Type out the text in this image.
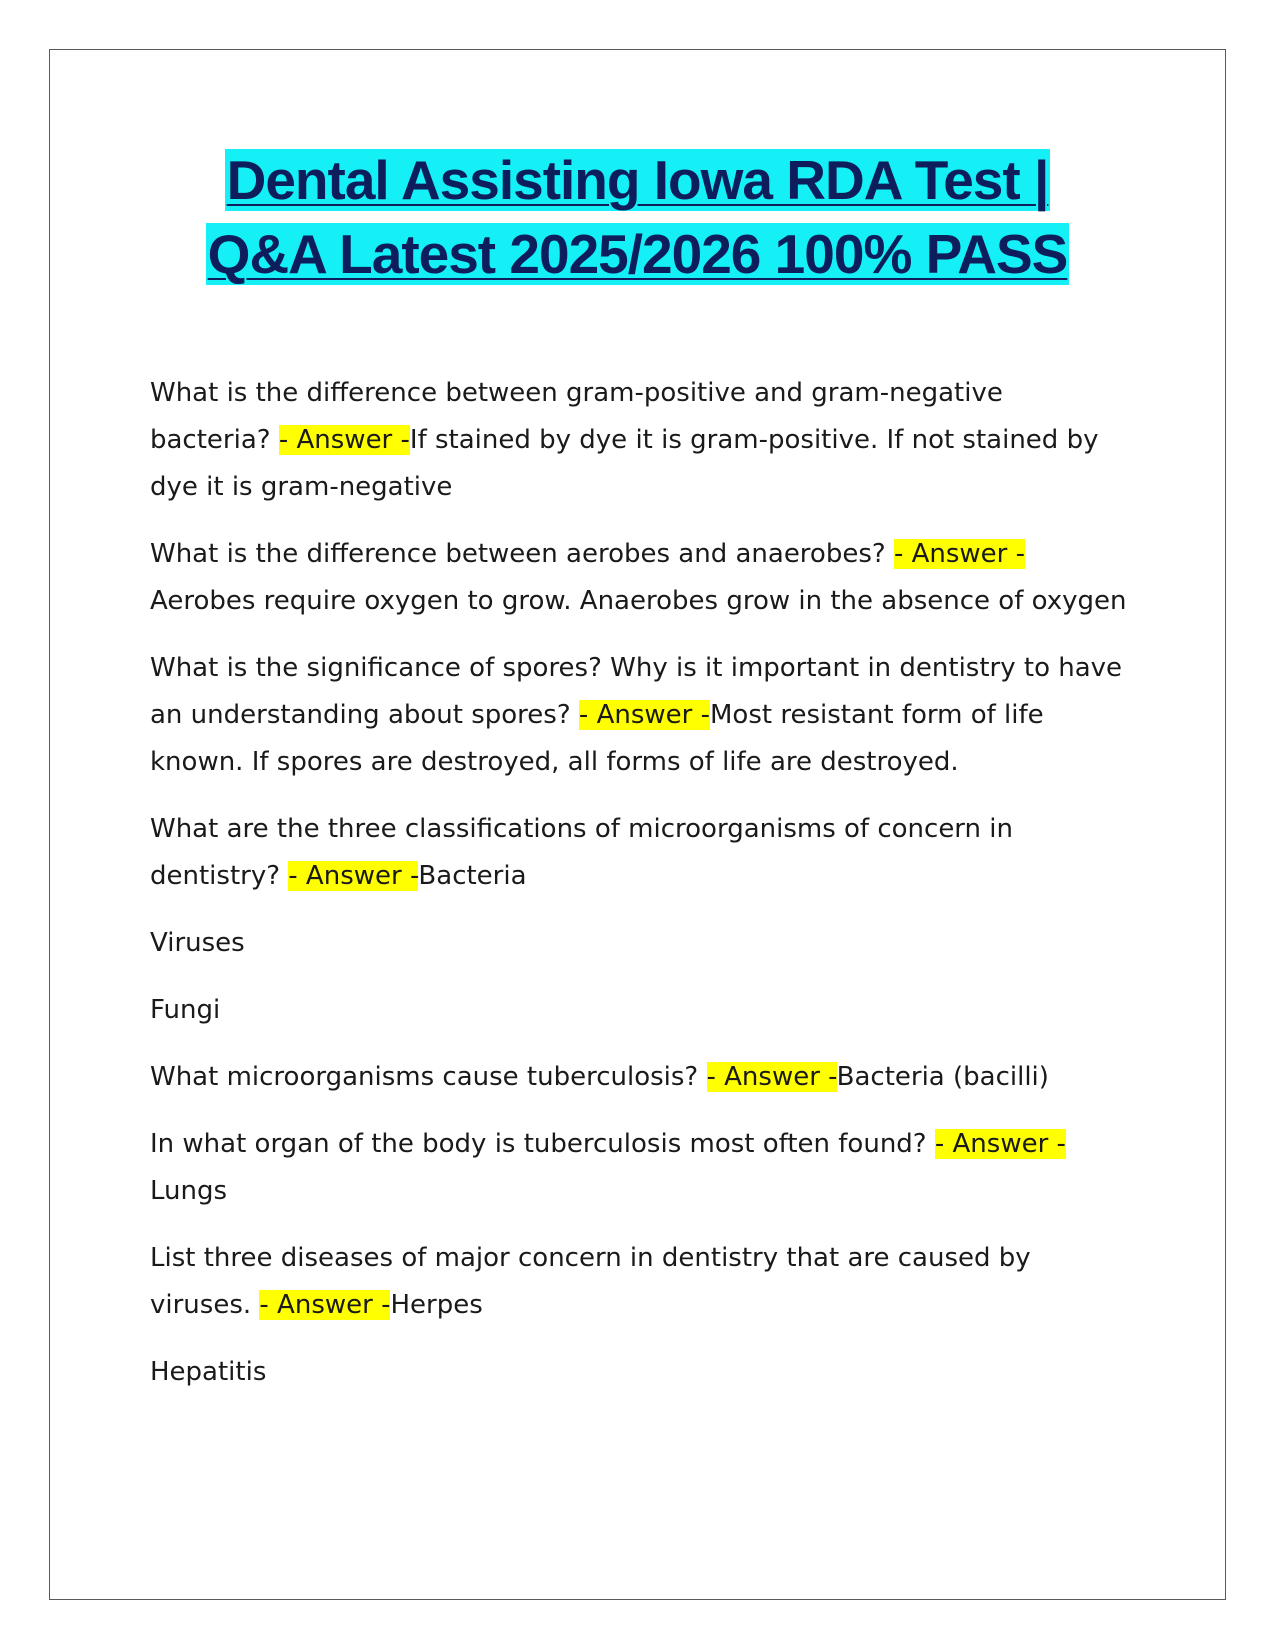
Dental Assisting Iowa RDA Test |
Q&A Latest 2025/2026 100% PASS

What is the difference between gram-positive and gram-negative bacteria? - Answer -If stained by dye it is gram-positive. If not stained by dye it is gram-negative

What is the difference between aerobes and anaerobes? - Answer -
Aerobes require oxygen to grow. Anaerobes grow in the absence of oxygen

What is the significance of spores? Why is it important in dentistry to have an understanding about spores? - Answer -Most resistant form of life known. If spores are destroyed, all forms of life are destroyed.

What are the three classifications of microorganisms of concern in dentistry? - Answer -Bacteria

Viruses

Fungi

What microorganisms cause tuberculosis? - Answer -Bacteria (bacilli)

In what organ of the body is tuberculosis most often found? - Answer -
Lungs

List three diseases of major concern in dentistry that are caused by viruses. - Answer -Herpes

Hepatitis
